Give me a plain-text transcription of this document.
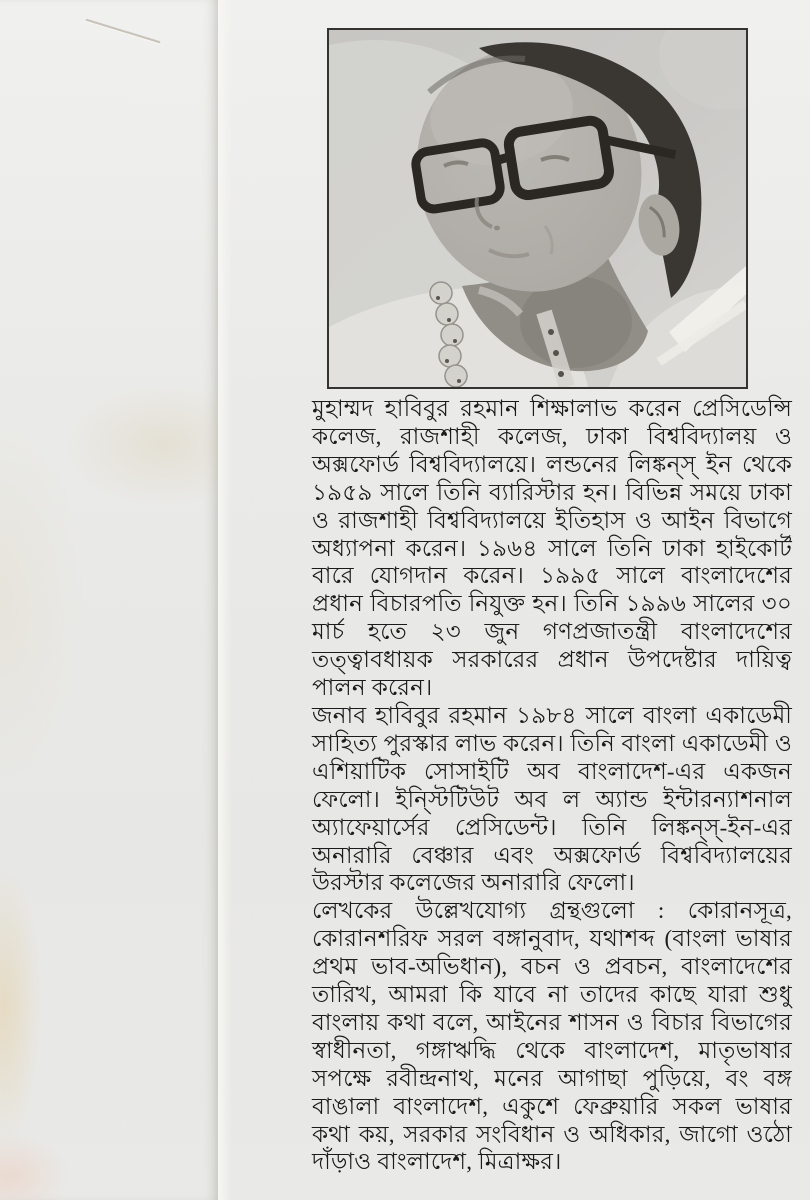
মুহাম্মদ হাবিবুর রহমান শিক্ষালাভ করেন প্রেসিডেন্সি কলেজ, রাজশাহী কলেজ, ঢাকা বিশ্ববিদ্যালয় ও অক্সফোর্ড বিশ্ববিদ্যালয়ে। লন্ডনের লিঙ্কন্স্ ইন থেকে ১৯৫৯ সালে তিনি ব্যারিস্টার হন। বিভিন্ন সময়ে ঢাকা ও রাজশাহী বিশ্ববিদ্যালয়ে ইতিহাস ও আইন বিভাগে অধ্যাপনা করেন। ১৯৬৪ সালে তিনি ঢাকা হাইকোর্ট বারে যোগদান করেন। ১৯৯৫ সালে বাংলাদেশের প্রধান বিচারপতি নিযুক্ত হন। তিনি ১৯৯৬ সালের ৩০ মার্চ হতে ২৩ জুন গণপ্রজাতন্ত্রী বাংলাদেশের তত্ত্বাবধায়ক সরকারের প্রধান উপদেষ্টার দায়িত্ব পালন করেন।

জনাব হাবিবুর রহমান ১৯৮৪ সালে বাংলা একাডেমী সাহিত্য পুরস্কার লাভ করেন। তিনি বাংলা একাডেমী ও এশিয়াটিক সোসাইটি অব বাংলাদেশ-এর একজন ফেলো। ইন্স্টিটিউট অব ল অ্যান্ড ইন্টারন্যাশনাল অ্যাফেয়ার্সের প্রেসিডেন্ট। তিনি লিঙ্কন্স্-ইন-এর অনারারি বেঞ্চার এবং অক্সফোর্ড বিশ্ববিদ্যালয়ের উরস্টার কলেজের অনারারি ফেলো।

লেখকের উল্লেখযোগ্য গ্রন্থগুলো : কোরানসূত্র, কোরানশরিফ সরল বঙ্গানুবাদ, যথাশব্দ (বাংলা ভাষার প্রথম ভাব-অভিধান), বচন ও প্রবচন, বাংলাদেশের তারিখ, আমরা কি যাবে না তাদের কাছে যারা শুধু বাংলায় কথা বলে, আইনের শাসন ও বিচার বিভাগের স্বাধীনতা, গঙ্গাঋদ্ধি থেকে বাংলাদেশ, মাতৃভাষার সপক্ষে রবীন্দ্রনাথ, মনের আগাছা পুড়িয়ে, বং বঙ্গ বাঙালা বাংলাদেশ, একুশে ফেব্রুয়ারি সকল ভাষার কথা কয়, সরকার সংবিধান ও অধিকার, জাগো ওঠো দাঁড়াও বাংলাদেশ, মিত্রাক্ষর।
